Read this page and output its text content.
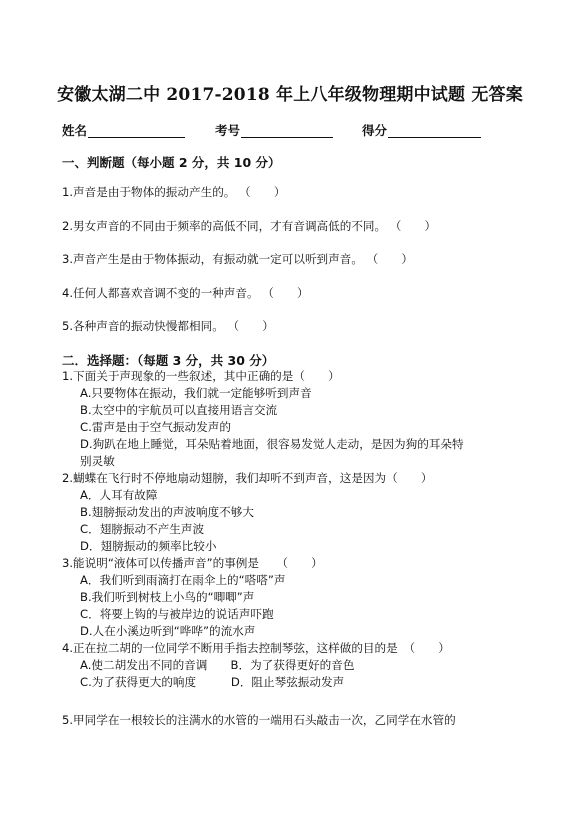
安徽太湖二中 2017-2018 年上八年级物理期中试题 无答案
姓名	考号	得分
一、判断题（每小题 2 分，共 10 分）
1.声音是由于物体的振动产生的。 （　　）
2.男女声音的不同由于频率的高低不同，才有音调高低的不同。 （　　）
3.声音产生是由于物体振动，有振动就一定可以听到声音。 （　　）
4.任何人都喜欢音调不变的一种声音。 （　　）
5.各种声音的振动快慢都相同。 （　　）
二．选择题：（每题 3 分，共 30 分）
1.下面关于声现象的一些叙述，其中正确的是（　　）
A.只要物体在振动，我们就一定能够听到声音
B.太空中的宇航员可以直接用语言交流
C.雷声是由于空气振动发声的
D.狗趴在地上睡觉，耳朵贴着地面，很容易发觉人走动，是因为狗的耳朵特
别灵敏
2.蝴蝶在飞行时不停地扇动翅膀，我们却听不到声音，这是因为（　　）
A．人耳有故障
B.翅膀振动发出的声波响度不够大
C．翅膀振动不产生声波
D．翅膀振动的频率比较小
3.能说明“液体可以传播声音”的事例是　　（　　）
A．我们听到雨滴打在雨伞上的“嗒嗒”声
B.我们听到树枝上小鸟的“唧唧”声
C．将要上钩的与被岸边的说话声吓跑
D.人在小溪边听到“哗哗”的流水声
4.正在拉二胡的一位同学不断用手指去控制琴弦，这样做的目的是　（　　）
A.使二胡发出不同的音调　　B．为了获得更好的音色
C.为了获得更大的响度　　　D．阻止琴弦振动发声
5.甲同学在一根较长的注满水的水管的一端用石头敲击一次，乙同学在水管的
